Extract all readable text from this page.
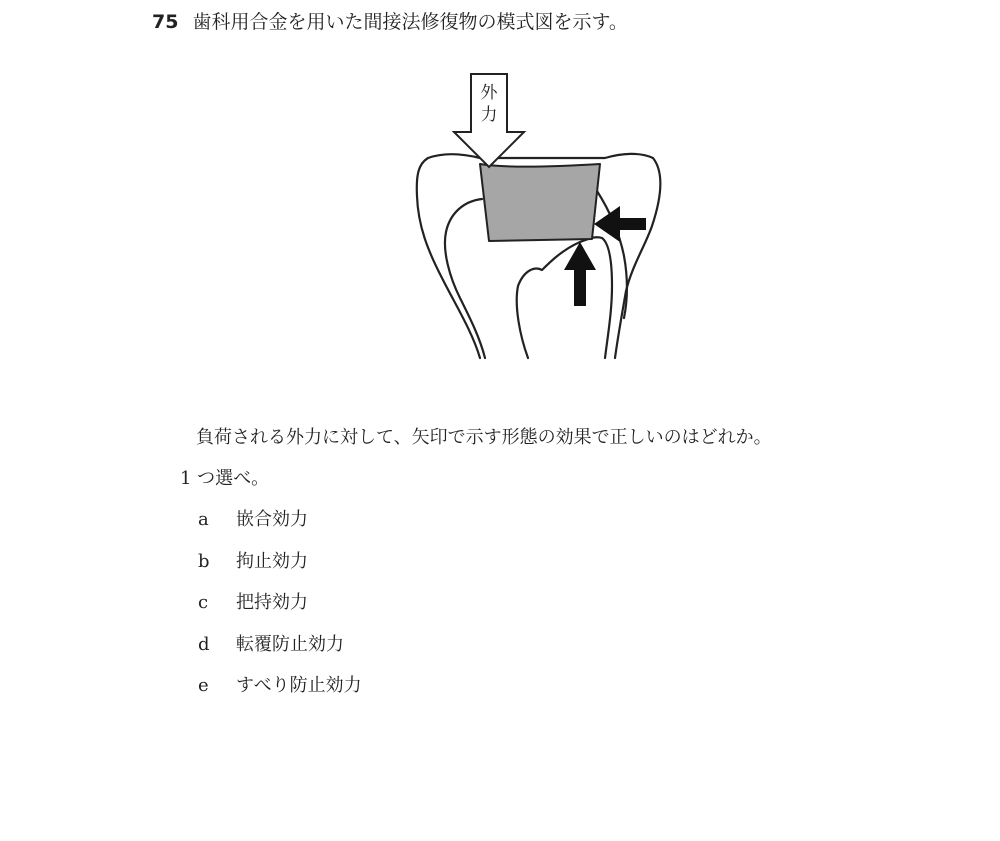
75 歯科用合金を用いた間接法修復物の模式図を示す。
外
力
負荷される外力に対して、矢印で示す形態の効果で正しいのはどれか。
1 つ選べ。
a 嵌合効力
b 拘止効力
c 把持効力
d 転覆防止効力
e すべり防止効力
